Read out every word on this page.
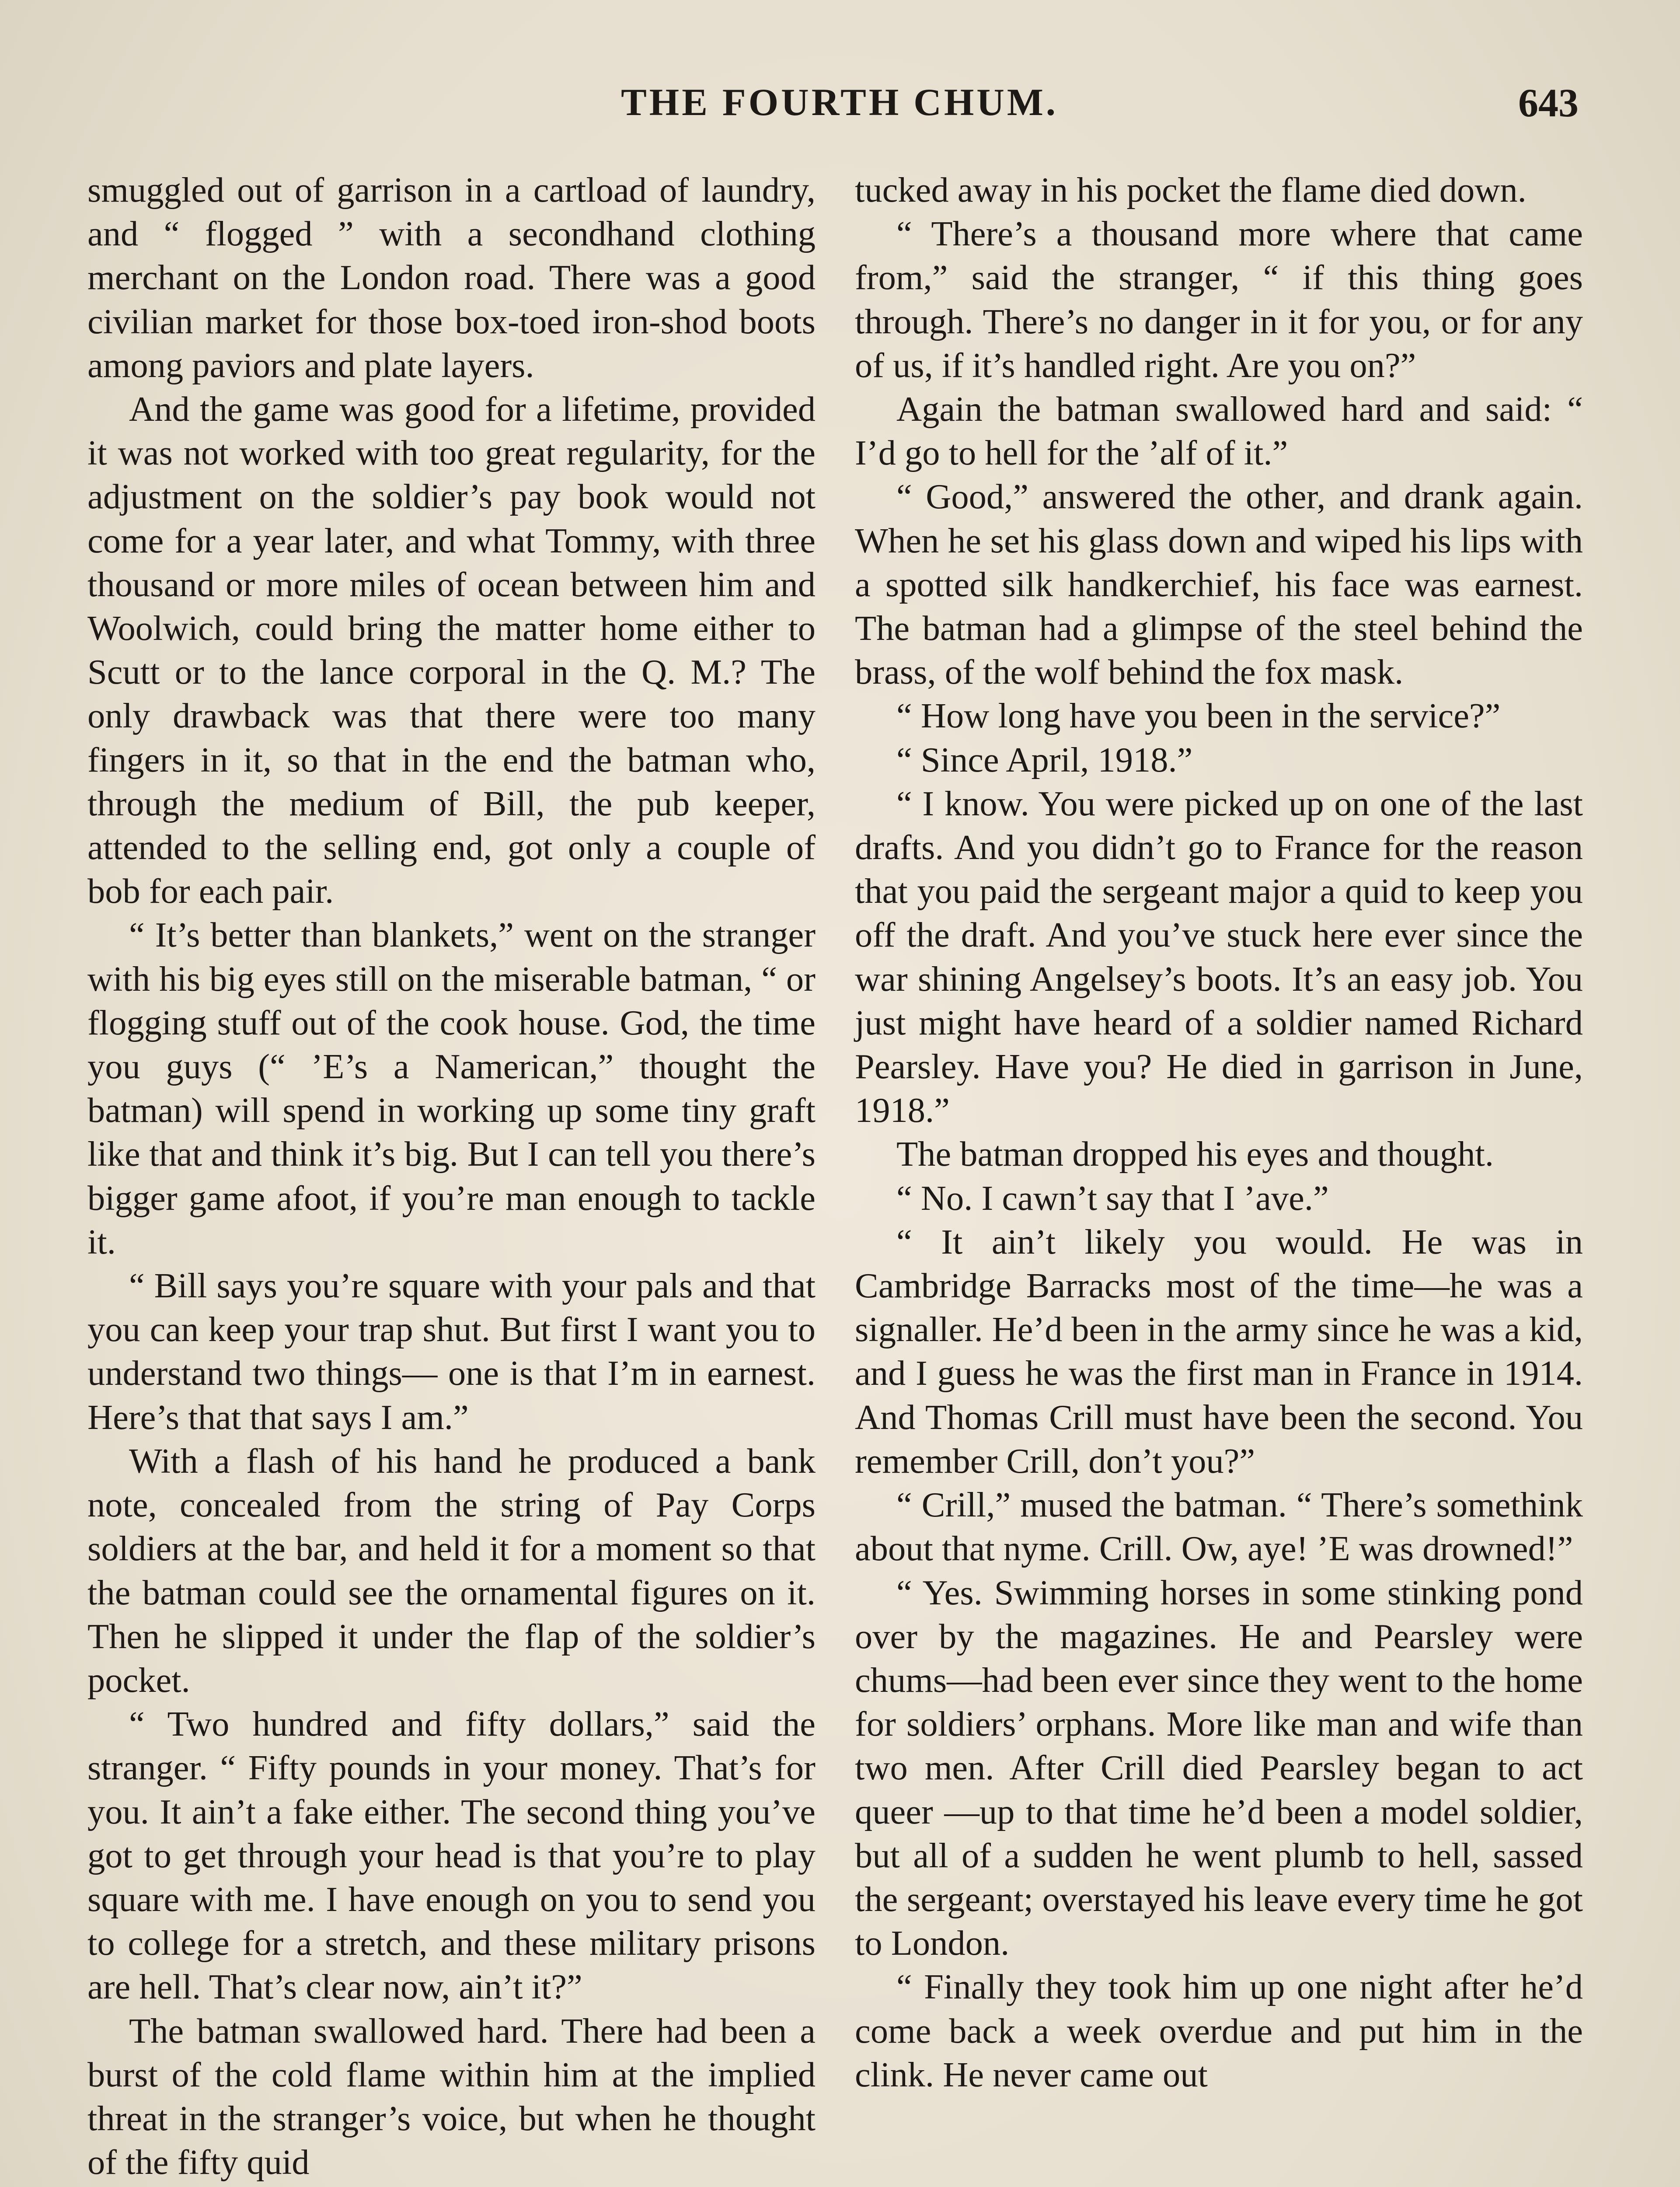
THE FOURTH CHUM.	643

smuggled out of garrison in a cartload of laundry, and “ flogged ” with a secondhand clothing merchant on the London road. There was a good civilian market for those box-toed iron-shod boots among paviors and plate layers.

And the game was good for a lifetime, provided it was not worked with too great regularity, for the adjustment on the soldier’s pay book would not come for a year later, and what Tommy, with three thousand or more miles of ocean between him and Woolwich, could bring the matter home either to Scutt or to the lance corporal in the Q. M.? The only drawback was that there were too many fingers in it, so that in the end the batman who, through the medium of Bill, the pub keeper, attended to the selling end, got only a couple of bob for each pair.

“ It’s better than blankets,” went on the stranger with his big eyes still on the miserable batman, “ or flogging stuff out of the cook house. God, the time you guys (“ ’E’s a Namerican,” thought the batman) will spend in working up some tiny graft like that and think it’s big. But I can tell you there’s bigger game afoot, if you’re man enough to tackle it.

“ Bill says you’re square with your pals and that you can keep your trap shut. But first I want you to understand two things— one is that I’m in earnest. Here’s that that says I am.”

With a flash of his hand he produced a bank note, concealed from the string of Pay Corps soldiers at the bar, and held it for a moment so that the batman could see the ornamental figures on it. Then he slipped it under the flap of the soldier’s pocket.

“ Two hundred and fifty dollars,” said the stranger. “ Fifty pounds in your money. That’s for you. It ain’t a fake either. The second thing you’ve got to get through your head is that you’re to play square with me. I have enough on you to send you to college for a stretch, and these military prisons are hell. That’s clear now, ain’t it?”

The batman swallowed hard. There had been a burst of the cold flame within him at the implied threat in the stranger’s voice, but when he thought of the fifty quid

tucked away in his pocket the flame died down.

“ There’s a thousand more where that came from,” said the stranger, “ if this thing goes through. There’s no danger in it for you, or for any of us, if it’s handled right. Are you on?”

Again the batman swallowed hard and said: “ I’d go to hell for the ’alf of it.”

“ Good,” answered the other, and drank again. When he set his glass down and wiped his lips with a spotted silk handkerchief, his face was earnest. The batman had a glimpse of the steel behind the brass, of the wolf behind the fox mask.

“ How long have you been in the service?”

“ Since April, 1918.”

“ I know. You were picked up on one of the last drafts. And you didn’t go to France for the reason that you paid the sergeant major a quid to keep you off the draft. And you’ve stuck here ever since the war shining Angelsey’s boots. It’s an easy job. You just might have heard of a soldier named Richard Pearsley. Have you? He died in garrison in June, 1918.”

The batman dropped his eyes and thought.

“ No. I cawn’t say that I ’ave.”

“ It ain’t likely you would. He was in Cambridge Barracks most of the time—he was a signaller. He’d been in the army since he was a kid, and I guess he was the first man in France in 1914. And Thomas Crill must have been the second. You remember Crill, don’t you?”

“ Crill,” mused the batman. “ There’s somethink about that nyme. Crill. Ow, aye! ’E was drowned!”

“ Yes. Swimming horses in some stinking pond over by the magazines. He and Pearsley were chums—had been ever since they went to the home for soldiers’ orphans. More like man and wife than two men. After Crill died Pearsley began to act queer —up to that time he’d been a model soldier, but all of a sudden he went plumb to hell, sassed the sergeant; overstayed his leave every time he got to London.

“ Finally they took him up one night after he’d come back a week overdue and put him in the clink. He never came out
